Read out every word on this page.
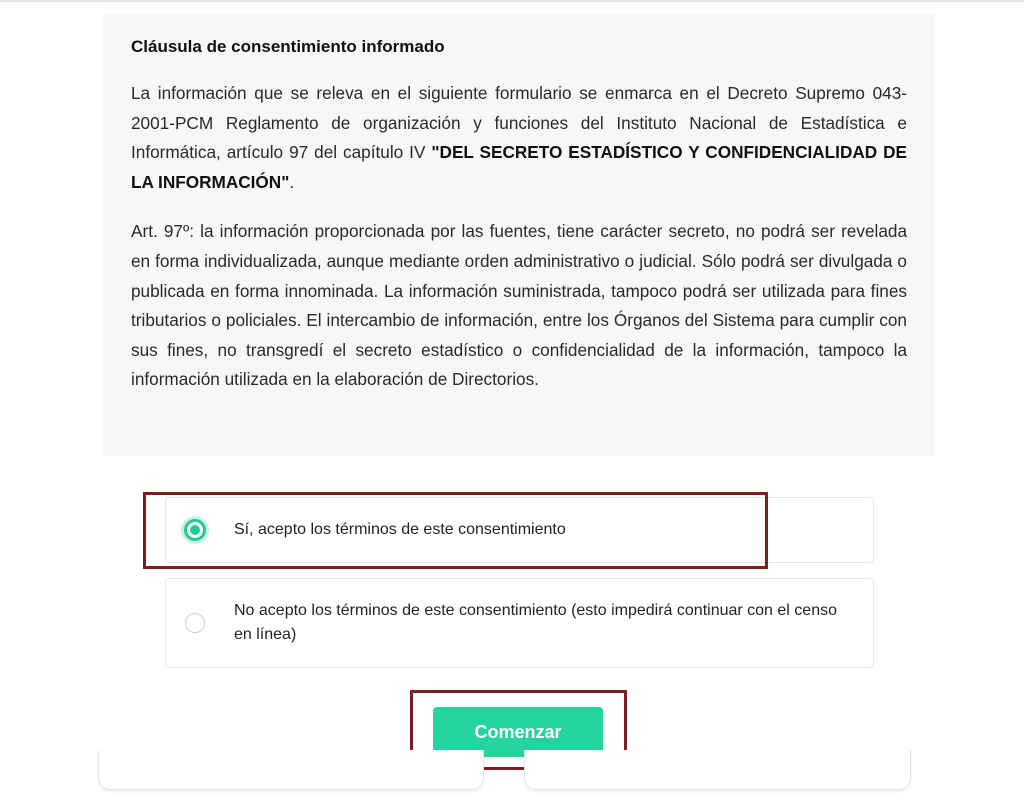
Cláusula de consentimiento informado

La información que se releva en el siguiente formulario se enmarca en el Decreto Supremo 043-2001-PCM Reglamento de organización y funciones del Instituto Nacional de Estadística e Informática, artículo 97 del capítulo IV "DEL SECRETO ESTADÍSTICO Y CONFIDENCIALIDAD DE LA INFORMACIÓN".

Art. 97º: la información proporcionada por las fuentes, tiene carácter secreto, no podrá ser revelada en forma individualizada, aunque mediante orden administrativo o judicial. Sólo podrá ser divulgada o publicada en forma innominada. La información suministrada, tampoco podrá ser utilizada para fines tributarios o policiales. El intercambio de información, entre los Órganos del Sistema para cumplir con sus fines, no transgredí el secreto estadístico o confidencialidad de la información, tampoco la información utilizada en la elaboración de Directorios.

Sí, acepto los términos de este consentimiento
No acepto los términos de este consentimiento (esto impedirá continuar con el censo en línea)
Comenzar
